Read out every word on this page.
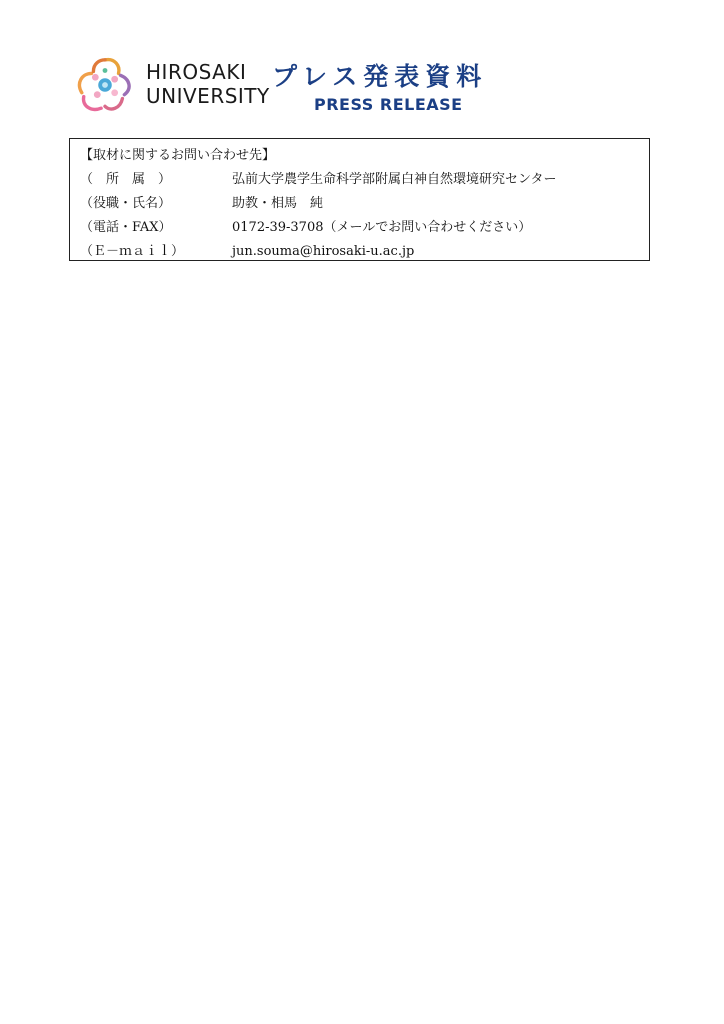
HIROSAKI
UNIVERSITY
プレス発表資料
PRESS RELEASE
【取材に関するお問い合わせ先】
（　所　属　）	弘前大学農学生命科学部附属白神自然環境研究センター
（役職・氏名）	助教・相馬　純
（電話・FAX）	0172-39-3708（メールでお問い合わせください）
（Ｅ－ｍａｉｌ）	jun.souma@hirosaki-u.ac.jp
